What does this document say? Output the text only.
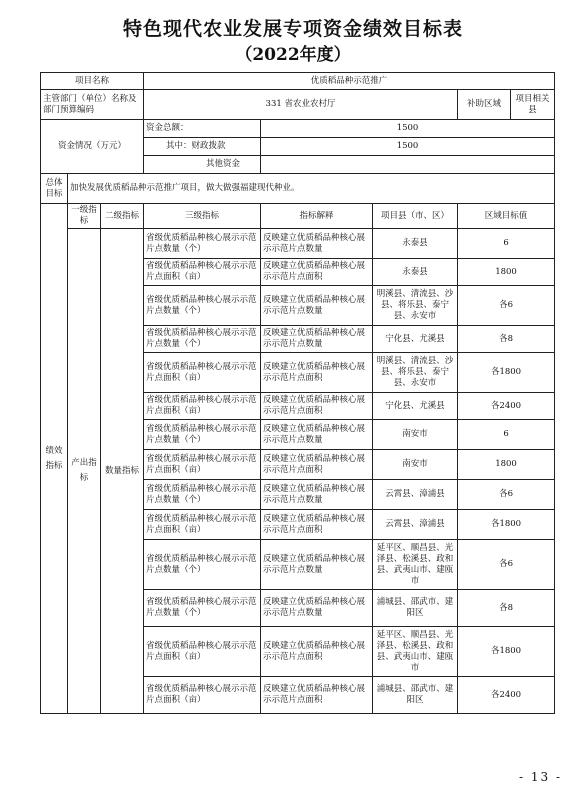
特色现代农业发展专项资金绩效目标表
（2022年度）
项目名称			优质稻品种示范推广				
主管部门（单位）名称及部门预算编码			331 省农业农村厅			补助区域	项目相关县
资金情况（万元）			资金总额：	1500			
			其中：财政拨款	1500			
			其他资金				
总体目标	加快发展优质稻品种示范推广项目，做大做强福建现代种业。						
绩效指标	一级指标	二级指标	三级指标	指标解释	项目县（市、区）	区域目标值	
	产出指标	数量指标	省级优质稻品种核心展示示范片点数量（个）	反映建立优质稻品种核心展示示范片点数量	永泰县	6	
			省级优质稻品种核心展示示范片点面积（亩）	反映建立优质稻品种核心展示示范片点面积	永泰县	1800	
			省级优质稻品种核心展示示范片点数量（个）	反映建立优质稻品种核心展示示范片点数量	明溪县、清流县、沙县、将乐县、泰宁县、永安市	各6	
			省级优质稻品种核心展示示范片点数量（个）	反映建立优质稻品种核心展示示范片点数量	宁化县、尤溪县	各8	
			省级优质稻品种核心展示示范片点面积（亩）	反映建立优质稻品种核心展示示范片点面积	明溪县、清流县、沙县、将乐县、泰宁县、永安市	各1800	
			省级优质稻品种核心展示示范片点面积（亩）	反映建立优质稻品种核心展示示范片点面积	宁化县、尤溪县	各2400	
			省级优质稻品种核心展示示范片点数量（个）	反映建立优质稻品种核心展示示范片点数量	南安市	6	
			省级优质稻品种核心展示示范片点面积（亩）	反映建立优质稻品种核心展示示范片点面积	南安市	1800	
			省级优质稻品种核心展示示范片点数量（个）	反映建立优质稻品种核心展示示范片点数量	云霄县、漳浦县	各6	
			省级优质稻品种核心展示示范片点面积（亩）	反映建立优质稻品种核心展示示范片点面积	云霄县、漳浦县	各1800	
			省级优质稻品种核心展示示范片点数量（个）	反映建立优质稻品种核心展示示范片点数量	延平区、顺昌县、光泽县、松溪县、政和县、武夷山市、建瓯市	各6	
			省级优质稻品种核心展示示范片点数量（个）	反映建立优质稻品种核心展示示范片点数量	浦城县、邵武市、建阳区	各8	
			省级优质稻品种核心展示示范片点面积（亩）	反映建立优质稻品种核心展示示范片点面积	延平区、顺昌县、光泽县、松溪县、政和县、武夷山市、建瓯市	各1800	
			省级优质稻品种核心展示示范片点面积（亩）	反映建立优质稻品种核心展示示范片点面积	浦城县、邵武市、建阳区	各2400	
- 13 -
